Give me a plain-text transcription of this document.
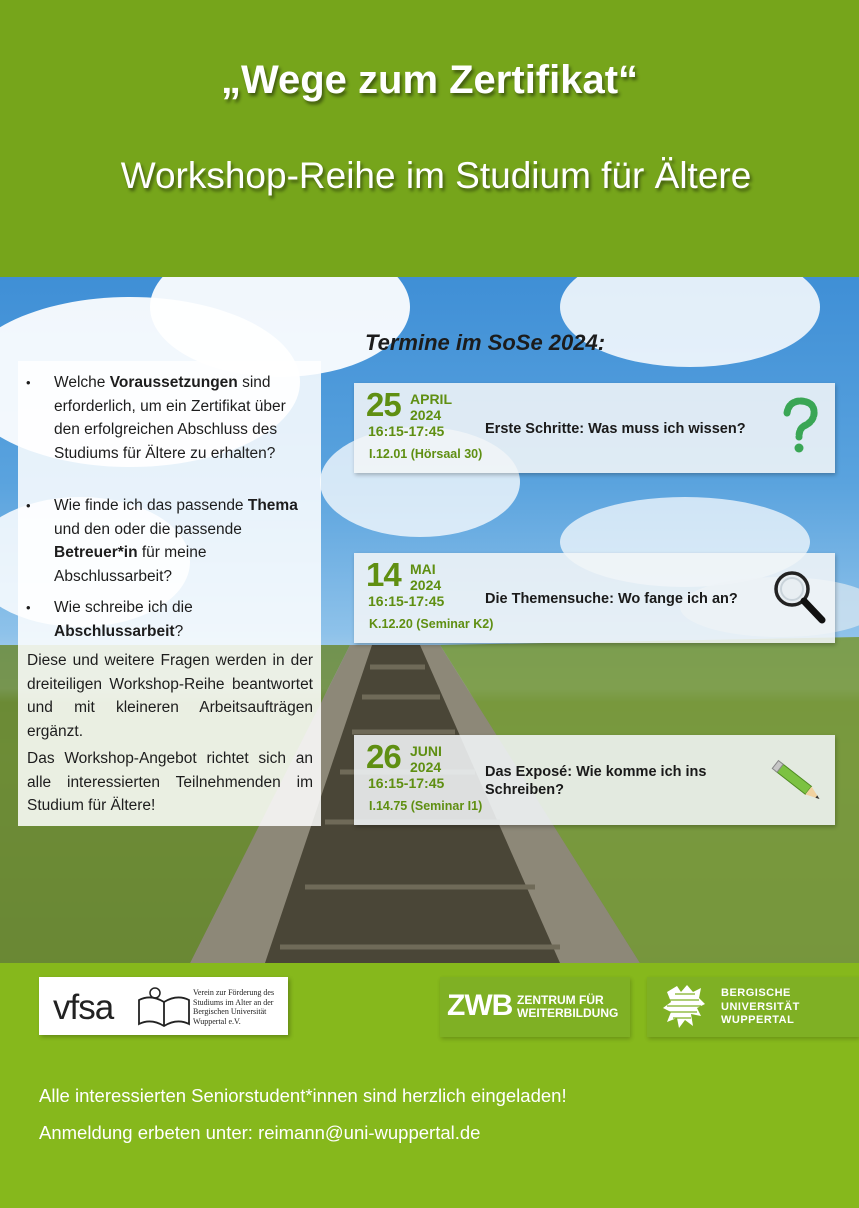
„Wege zum Zertifikat“
Workshop-Reihe im Studium für Ältere
• Welche Voraussetzungen sind erforderlich, um ein Zertifikat über den erfolgreichen Abschluss des Studiums für Ältere zu erhalten?
• Wie finde ich das passende Thema und den oder die passende Betreuer*in für meine Abschlussarbeit?
• Wie schreibe ich die Abschlussarbeit?
Diese und weitere Fragen werden in der dreiteiligen Workshop-Reihe beantwortet und mit kleineren Arbeitsaufträgen ergänzt.
Das Workshop-Angebot richtet sich an alle interessierten Teilnehmenden im Studium für Ältere!
Termine im SoSe 2024:
25 APRIL
2024
16:15-17:45
I.12.01 (Hörsaal 30)
Erste Schritte: Was muss ich wissen?
14 MAI
2024
16:15-17:45
K.12.20 (Seminar K2)
Die Themensuche: Wo fange ich an?
26 JUNI
2024
16:15-17:45
I.14.75 (Seminar I1)
Das Exposé: Wie komme ich ins Schreiben?
vfsa	Verein zur Förderung des
Studiums im Alter an der
Bergischen Universität
Wuppertal e.V.	ZWB ZENTRUM FÜR
WEITERBILDUNG
BERGISCHE
UNIVERSITÄT
WUPPERTAL
Alle interessierten Seniorstudent*innen sind herzlich eingeladen!
Anmeldung erbeten unter: reimann@uni-wuppertal.de
